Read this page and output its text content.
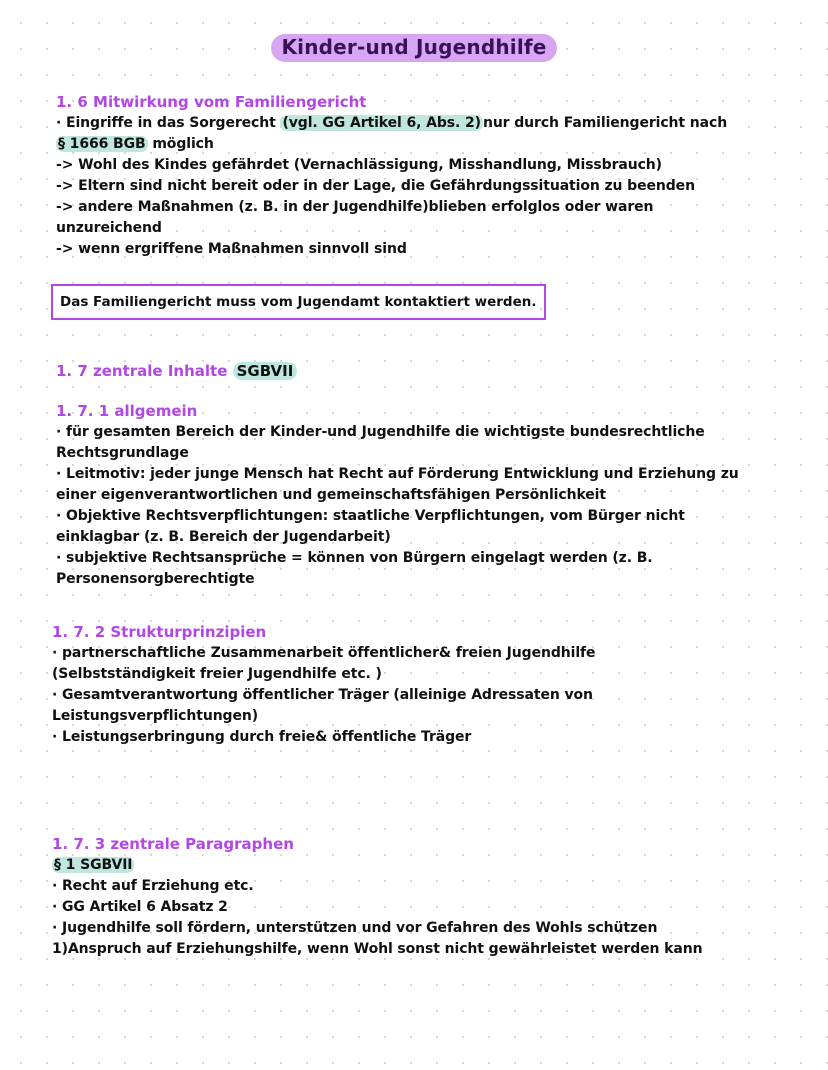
Kinder-und Jugendhilfe
1. 6 Mitwirkung vom Familiengericht
· Eingriffe in das Sorgerecht (vgl. GG Artikel 6, Abs. 2) nur durch Familiengericht nach
§ 1666 BGB möglich
-> Wohl des Kindes gefährdet (Vernachlässigung, Misshandlung, Missbrauch)
-> Eltern sind nicht bereit oder in der Lage, die Gefährdungssituation zu beenden
-> andere Maßnahmen (z. B. in der Jugendhilfe)blieben erfolglos oder waren
unzureichend
-> wenn ergriffene Maßnahmen sinnvoll sind
Das Familiengericht muss vom Jugendamt kontaktiert werden.
1. 7 zentrale Inhalte SGBVII
1. 7. 1 allgemein
· für gesamten Bereich der Kinder-und Jugendhilfe die wichtigste bundesrechtliche
Rechtsgrundlage
· Leitmotiv: jeder junge Mensch hat Recht auf Förderung Entwicklung und Erziehung zu
einer eigenverantwortlichen und gemeinschaftsfähigen Persönlichkeit
· Objektive Rechtsverpflichtungen: staatliche Verpflichtungen, vom Bürger nicht
einklagbar (z. B. Bereich der Jugendarbeit)
· subjektive Rechtsansprüche = können von Bürgern eingelagt werden (z. B.
Personensorgberechtigte
1. 7. 2 Strukturprinzipien
· partnerschaftliche Zusammenarbeit öffentlicher& freien Jugendhilfe
(Selbstständigkeit freier Jugendhilfe etc. )
· Gesamtverantwortung öffentlicher Träger (alleinige Adressaten von
Leistungsverpflichtungen)
· Leistungserbringung durch freie& öffentliche Träger
1. 7. 3 zentrale Paragraphen
§ 1 SGBVII
· Recht auf Erziehung etc.
· GG Artikel 6 Absatz 2
· Jugendhilfe soll fördern, unterstützen und vor Gefahren des Wohls schützen
1)Anspruch auf Erziehungshilfe, wenn Wohl sonst nicht gewährleistet werden kann
